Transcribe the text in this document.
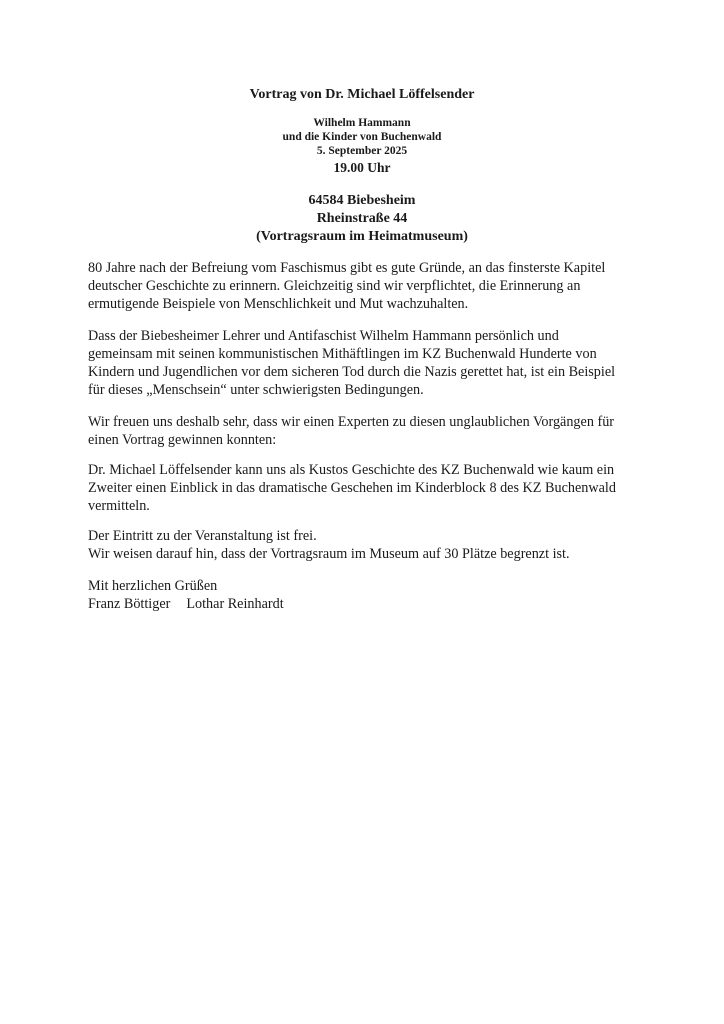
Vortrag von Dr. Michael Löffelsender
Wilhelm Hammann
und die Kinder von Buchenwald
5. September 2025
19.00 Uhr
64584 Biebesheim
Rheinstraße 44
(Vortragsraum im Heimatmuseum)

80 Jahre nach der Befreiung vom Faschismus gibt es gute Gründe, an das finsterste Kapitel
deutscher Geschichte zu erinnern. Gleichzeitig sind wir verpflichtet, die Erinnerung an
ermutigende Beispiele von Menschlichkeit und Mut wachzuhalten.

Dass der Biebesheimer Lehrer und Antifaschist Wilhelm Hammann persönlich und
gemeinsam mit seinen kommunistischen Mithäftlingen im KZ Buchenwald Hunderte von
Kindern und Jugendlichen vor dem sicheren Tod durch die Nazis gerettet hat, ist ein Beispiel
für dieses „Menschsein“ unter schwierigsten Bedingungen.

Wir freuen uns deshalb sehr, dass wir einen Experten zu diesen unglaublichen Vorgängen für
einen Vortrag gewinnen konnten:

Dr. Michael Löffelsender kann uns als Kustos Geschichte des KZ Buchenwald wie kaum ein
Zweiter einen Einblick in das dramatische Geschehen im Kinderblock 8 des KZ Buchenwald
vermitteln.

Der Eintritt zu der Veranstaltung ist frei.
Wir weisen darauf hin, dass der Vortragsraum im Museum auf 30 Plätze begrenzt ist.

Mit herzlichen Grüßen
Franz Böttiger Lothar Reinhardt
